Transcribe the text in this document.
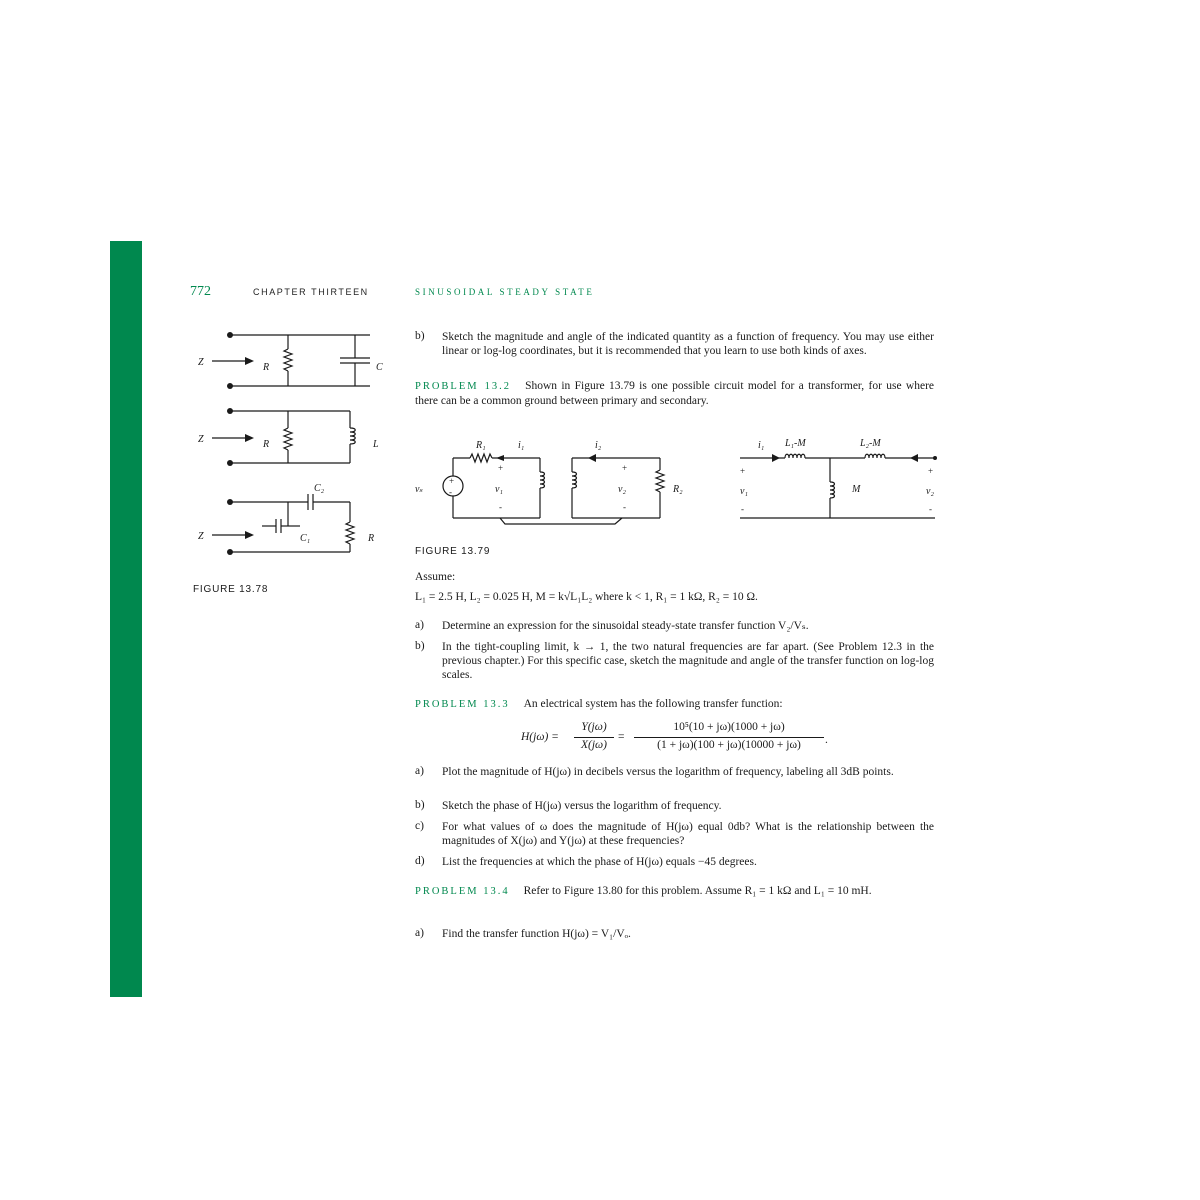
772	CHAPTER THIRTEEN	SINUSOIDAL STEADY STATE
Z	R	C
Z	R	L
Z
C₂
C₁	R
FIGURE 13.78
b) Sketch the magnitude and angle of the indicated quantity as a function of frequency. You may use either linear or log-log coordinates, but it is recommended that you learn to use both kinds of axes.
PROBLEM 13.2 Shown in Figure 13.79 is one possible circuit model for a transformer, for use where there can be a common ground between primary and secondary.
+
-
R₁	i₁	i₂
vₛ
+
v₁
-
+
v₂
-
R₂
i₁ L₁-M	L₂-M
+
v₁
-
M
+
v₂
-
FIGURE 13.79
Assume:
L₁ = 2.5 H, L₂ = 0.025 H, M = k√L₁L₂ where k < 1, R₁ = 1 kΩ, R₂ = 10 Ω.
a) Determine an expression for the sinusoidal steady-state transfer function V₂/Vₛ.
b) In the tight-coupling limit, k → 1, the two natural frequencies are far apart. (See Problem 12.3 in the previous chapter.) For this specific case, sketch the magnitude and angle of the transfer function on log-log scales.
PROBLEM 13.3 An electrical system has the following transfer function:
H(jω) =
Y(jω)
X(jω)
=
10⁵(10 + jω)(1000 + jω)
(1 + jω)(100 + jω)(10000 + jω)	.
a) Plot the magnitude of H(jω) in decibels versus the logarithm of frequency, labeling all 3dB points.
b) Sketch the phase of H(jω) versus the logarithm of frequency.
c) For what values of ω does the magnitude of H(jω) equal 0db? What is the relationship between the magnitudes of X(jω) and Y(jω) at these frequencies?
d) List the frequencies at which the phase of H(jω) equals −45 degrees.
PROBLEM 13.4 Refer to Figure 13.80 for this problem. Assume R₁ = 1 kΩ and L₁ = 10 mH.
a) Find the transfer function H(jω) = V₁/Vₒ.
